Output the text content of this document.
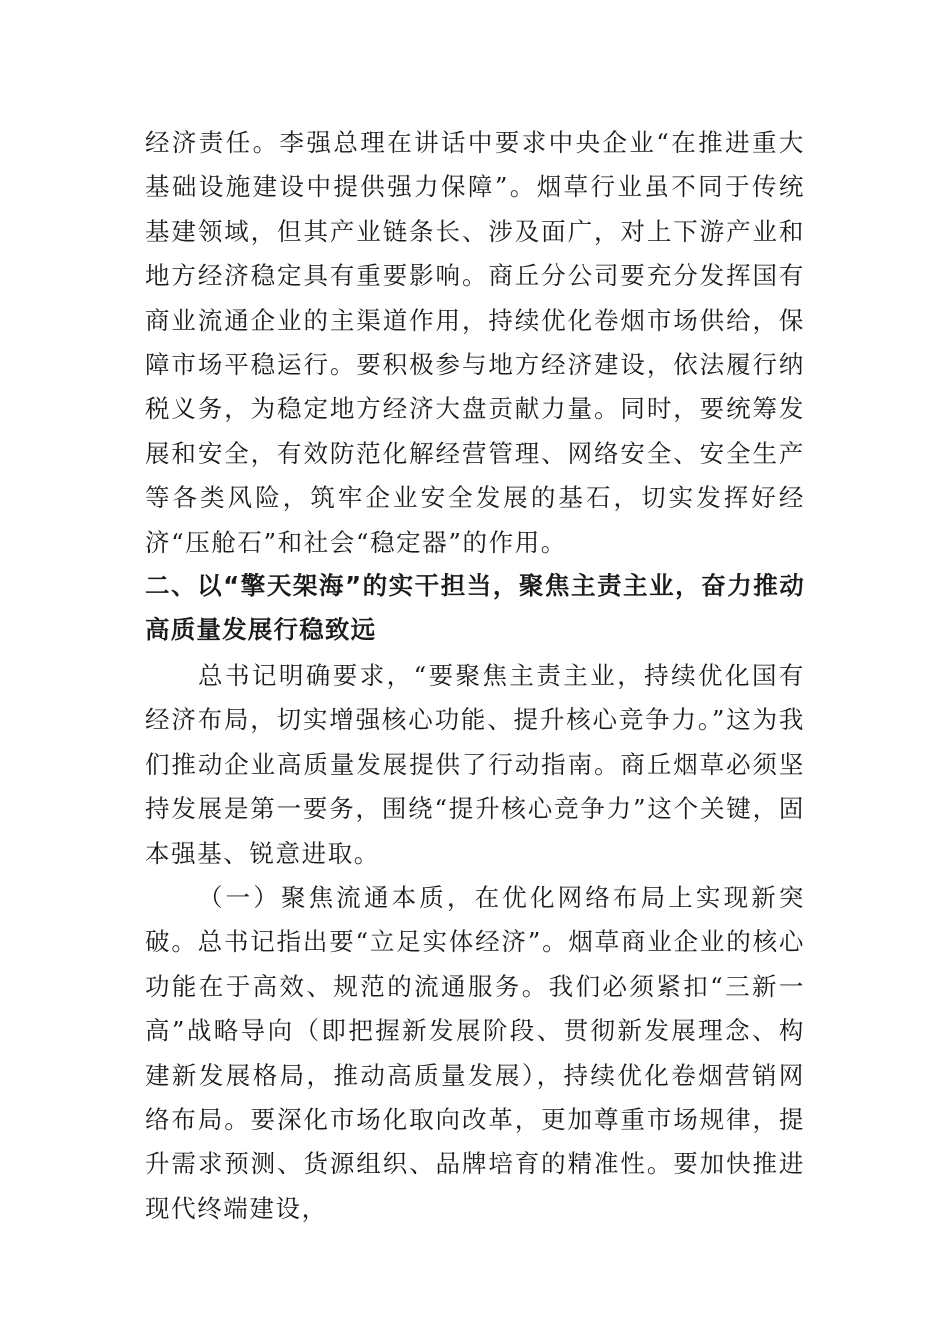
经济责任。李强总理在讲话中要求中央企业“在推进重大基础设施建设中提供强力保障”。烟草行业虽不同于传统基建领域，但其产业链条长、涉及面广，对上下游产业和地方经济稳定具有重要影响。商丘分公司要充分发挥国有商业流通企业的主渠道作用，持续优化卷烟市场供给，保障市场平稳运行。要积极参与地方经济建设，依法履行纳税义务，为稳定地方经济大盘贡献力量。同时，要统筹发展和安全，有效防范化解经营管理、网络安全、安全生产等各类风险，筑牢企业安全发展的基石，切实发挥好经济“压舱石”和社会“稳定器”的作用。

二、以“擎天架海”的实干担当，聚焦主责主业，奋力推动高质量发展行稳致远

总书记明确要求，“要聚焦主责主业，持续优化国有经济布局，切实增强核心功能、提升核心竞争力。”这为我们推动企业高质量发展提供了行动指南。商丘烟草必须坚持发展是第一要务，围绕“提升核心竞争力”这个关键，固本强基、锐意进取。

（一）聚焦流通本质，在优化网络布局上实现新突破。总书记指出要“立足实体经济”。烟草商业企业的核心功能在于高效、规范的流通服务。我们必须紧扣“三新一高”战略导向（即把握新发展阶段、贯彻新发展理念、构建新发展格局，推动高质量发展），持续优化卷烟营销网络布局。要深化市场化取向改革，更加尊重市场规律，提升需求预测、货源组织、品牌培育的精准性。要加快推进现代终端建设，
